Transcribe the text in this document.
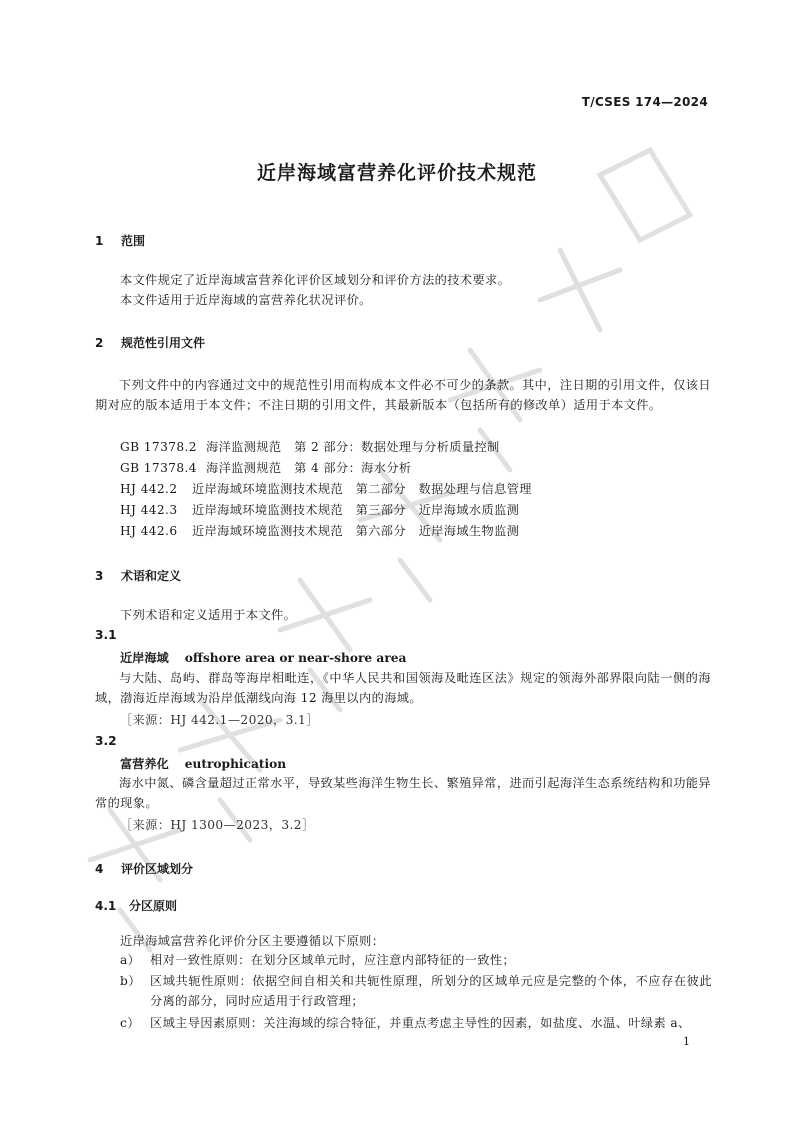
T/CSES 174—2024
近岸海域富营养化评价技术规范
1 范围
本文件规定了近岸海域富营养化评价区域划分和评价方法的技术要求。
本文件适用于近岸海域的富营养化状况评价。
2 规范性引用文件
下列文件中的内容通过文中的规范性引用而构成本文件必不可少的条款。其中，注日期的引用文件，仅该日期对应的版本适用于本文件；不注日期的引用文件，其最新版本（包括所有的修改单）适用于本文件。
GB 17378.2 海洋监测规范　第 2 部分：数据处理与分析质量控制
GB 17378.4 海洋监测规范　第 4 部分：海水分析
HJ 442.2 近岸海域环境监测技术规范　第二部分　数据处理与信息管理
HJ 442.3 近岸海域环境监测技术规范　第三部分　近岸海域水质监测
HJ 442.6 近岸海域环境监测技术规范　第六部分　近岸海域生物监测
3 术语和定义
下列术语和定义适用于本文件。
3.1
近岸海域 offshore area or near-shore area
与大陆、岛屿、群岛等海岸相毗连，《中华人民共和国领海及毗连区法》规定的领海外部界限向陆一侧的海域，渤海近岸海域为沿岸低潮线向海 12 海里以内的海域。
［来源：HJ 442.1—2020，3.1］
3.2
富营养化 eutrophication
海水中氮、磷含量超过正常水平，导致某些海洋生物生长、繁殖异常，进而引起海洋生态系统结构和功能异常的现象。
［来源：HJ 1300—2023，3.2］
4 评价区域划分
4.1 分区原则
近岸海域富营养化评价分区主要遵循以下原则：
a） 相对一致性原则：在划分区域单元时，应注意内部特征的一致性；
b） 区域共轭性原则：依据空间自相关和共轭性原理，所划分的区域单元应是完整的个体，不应存在彼此分离的部分，同时应适用于行政管理；
c） 区域主导因素原则：关注海域的综合特征，并重点考虑主导性的因素，如盐度、水温、叶绿素 a、
1
